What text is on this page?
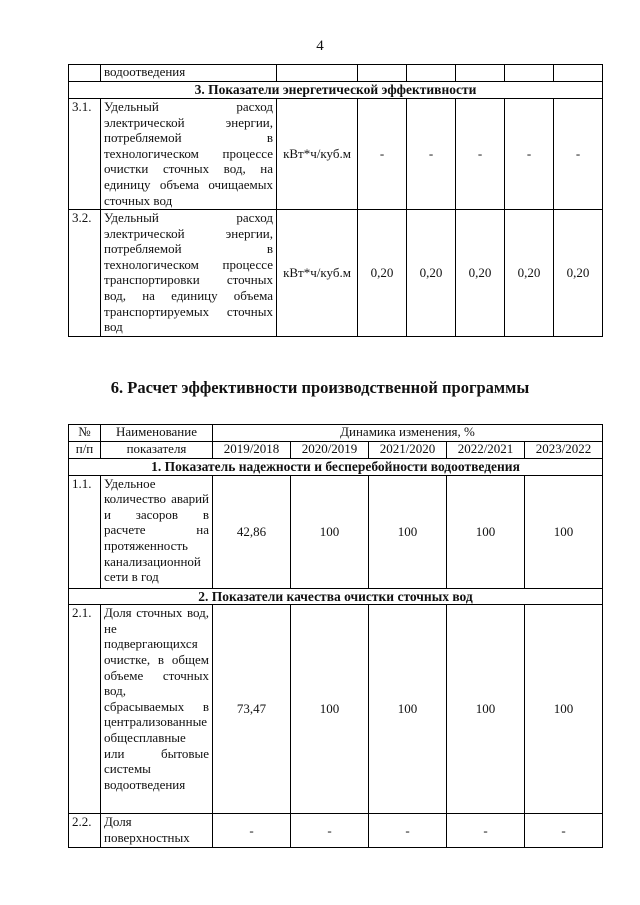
4
	водоотведения						
3. Показатели энергетической эффективности							
3.1.	Удельный расход электрической энергии, потребляемой в технологическом процессе очистки сточных вод, на единицу объема очищаемых сточных вод	кВт*ч/куб.м	-	-	-	-	-
3.2.	Удельный расход электрической энергии, потребляемой в технологическом процессе транспортировки сточных вод, на единицу объема транспортируемых сточных вод	кВт*ч/куб.м	0,20	0,20	0,20	0,20	0,20
6. Расчет эффективности производственной программы
№	Наименование	Динамика изменения, %				
п/п	показателя	2019/2018	2020/2019	2021/2020	2022/2021	2023/2022
1. Показатель надежности и бесперебойности водоотведения						
1.1.	Удельное количество аварий и засоров в расчете на протяженность канализационной сети в год	42,86	100	100	100	100
2. Показатели качества очистки сточных вод						
2.1.	Доля сточных вод, не подвергающихся очистке, в общем объеме сточных вод, сбрасываемых в централизованные общесплавные или бытовые системы водоотведения	73,47	100	100	100	100
2.2.	Доля поверхностных	-	-	-	-	-
